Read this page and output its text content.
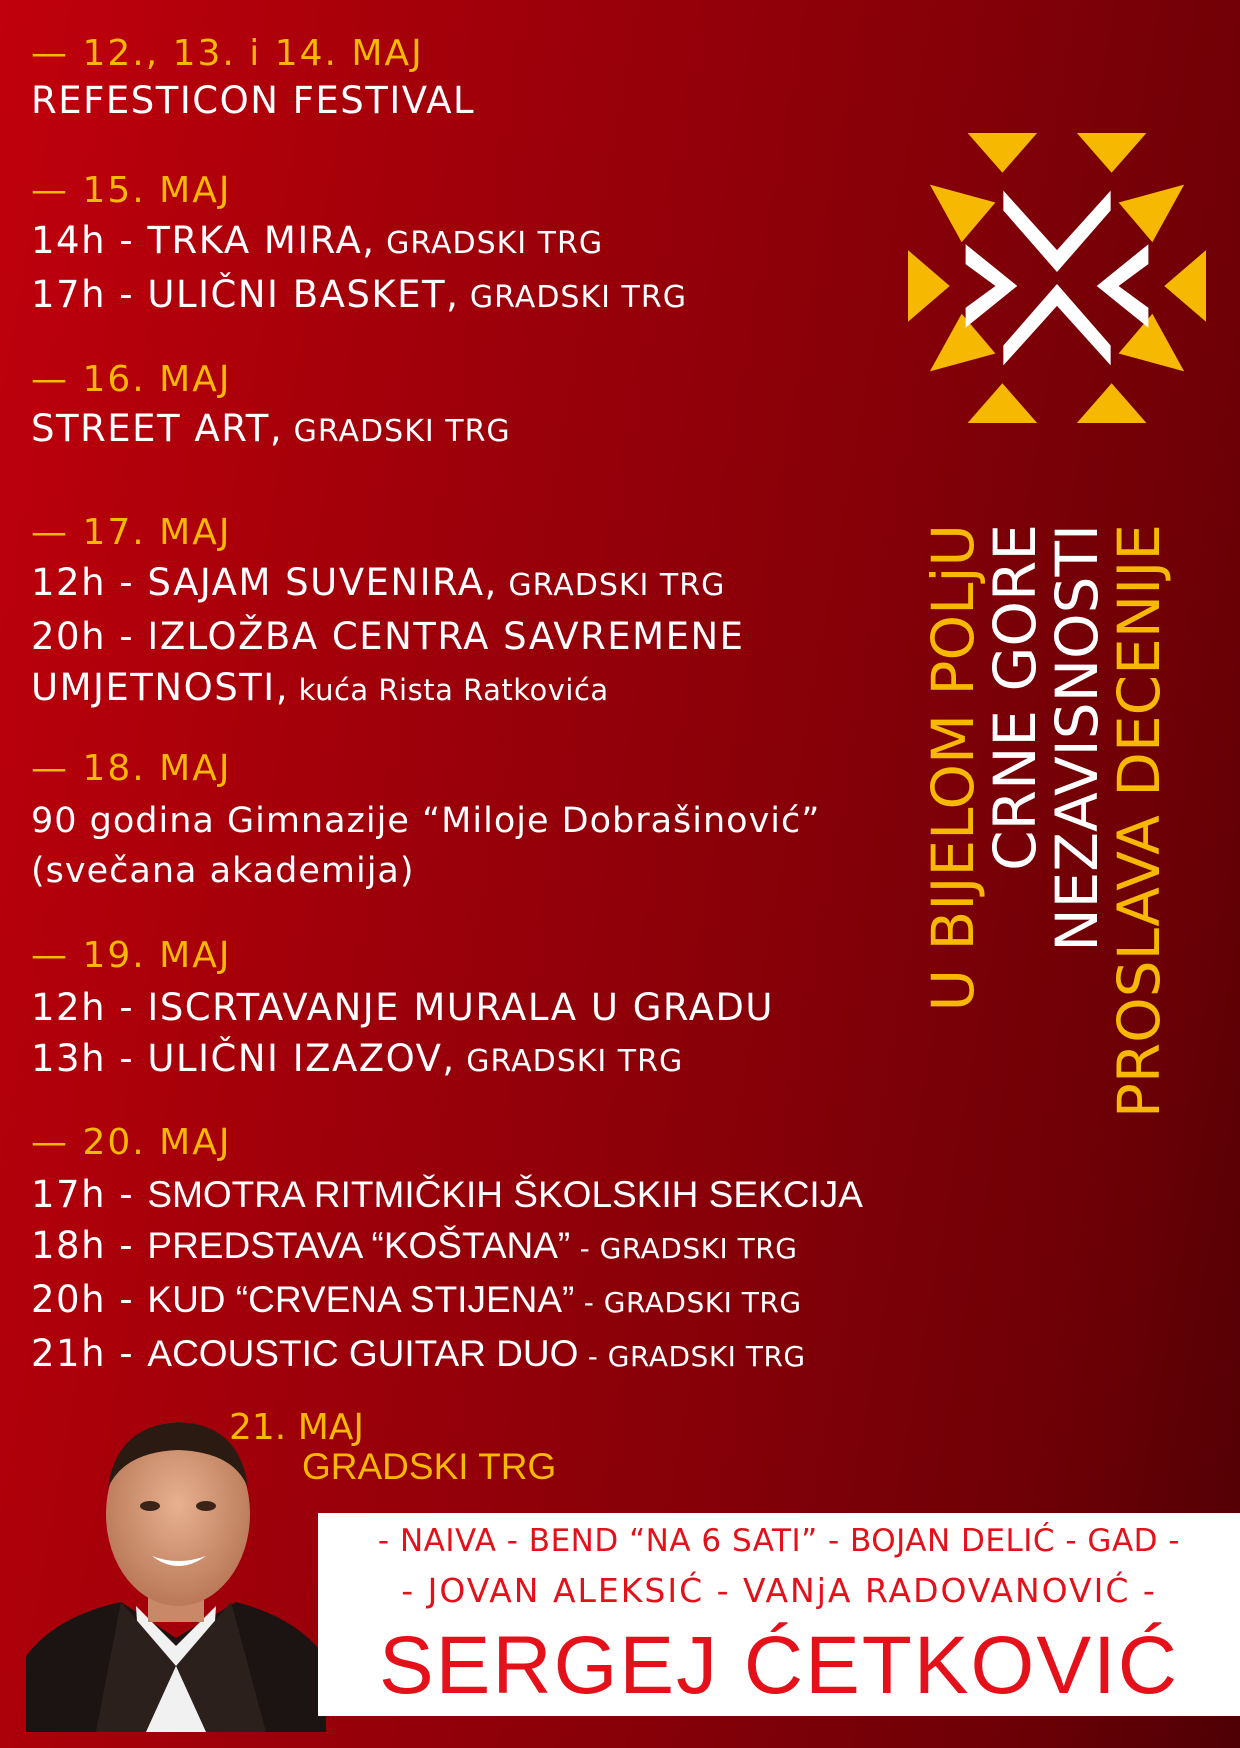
— 12., 13. i 14. MAJ
REFESTICON FESTIVAL
— 15. MAJ
14h - TRKA MIRA, GRADSKI TRG
17h - ULIČNI BASKET, GRADSKI TRG
— 16. MAJ
STREET ART, GRADSKI TRG
— 17. MAJ
12h - SAJAM SUVENIRA, GRADSKI TRG
20h - IZLOŽBA CENTRA SAVREMENE
UMJETNOSTI, kuća Rista Ratkovića
— 18. MAJ
90 godina Gimnazije “Miloje Dobrašinović”
(svečana akademija)
— 19. MAJ
12h - ISCRTAVANJE MURALA U GRADU
13h - ULIČNI IZAZOV, GRADSKI TRG
— 20. MAJ
17h - SMOTRA RITMIČKIH ŠKOLSKIH SEKCIJA
18h - PREDSTAVA “KOŠTANA” - GRADSKI TRG
20h - KUD “CRVENA STIJENA” - GRADSKI TRG
21h - ACOUSTIC GUITAR DUO - GRADSKI TRG
PROSLAVA DECENIJE
NEZAVISNOSTI
CRNE GORE
U BIJELOM POLjU
21. MAJ
GRADSKI TRG
- NAIVA - BEND “NA 6 SATI” - BOJAN DELIĆ - GAD -
- JOVAN ALEKSIĆ - VANjA RADOVANOVIĆ -
SERGEJ ĆETKOVIĆ
